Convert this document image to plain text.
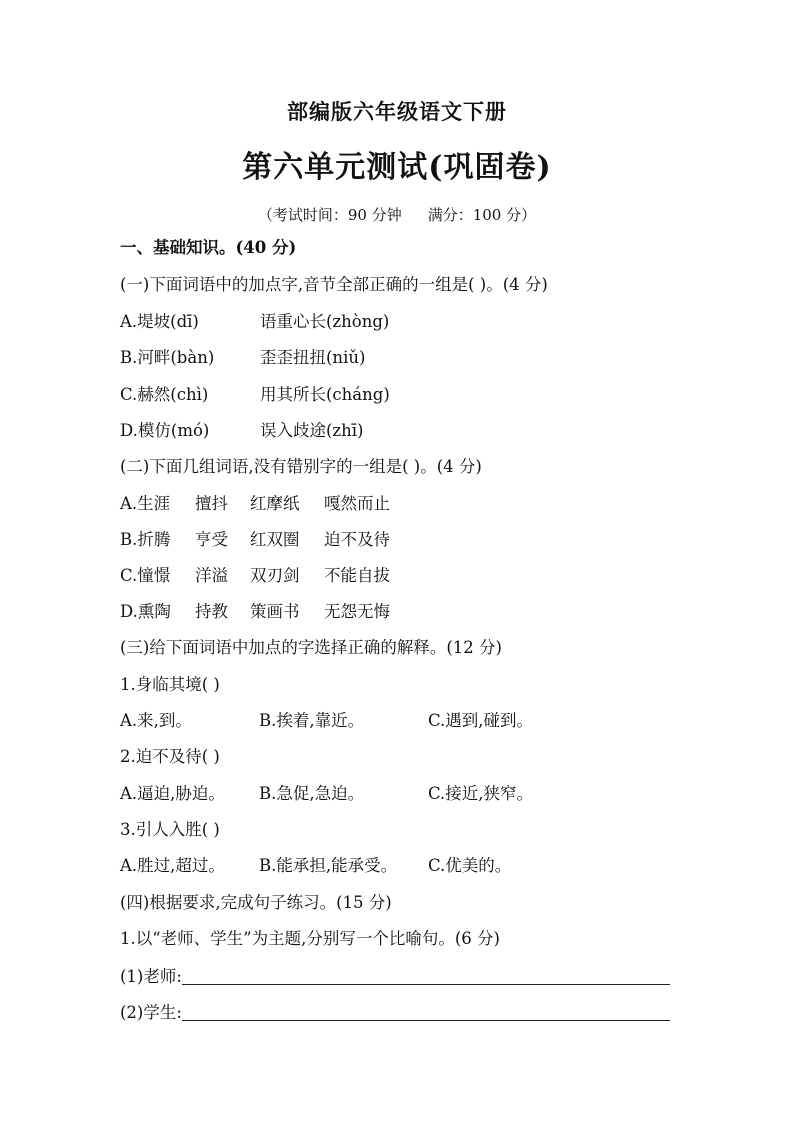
部编版六年级语文下册
第六单元测试(巩固卷)
（考试时间：90 分钟 满分：100 分）
一、基础知识。(40 分)
(一)下面词语中的加点字,音节全部正确的一组是( )。(4 分)
A.堤坡(dī)	语重心长(zhòng)
B.河畔(bàn)	歪歪扭扭(niǔ)
C.赫然(chì)	用其所长(cháng)
D.模仿(mó)	误入歧途(zhī)
(二)下面几组词语,没有错别字的一组是( )。(4 分)
A.生涯 擅抖 红摩纸 嘎然而止
B.折腾 亨受 红双圈 迫不及待
C.憧憬 洋溢 双刃剑 不能自拔
D.熏陶 持教 策画书 无怨无悔
(三)给下面词语中加点的字选择正确的解释。(12 分)
1.身临其境( )
A.来,到。	B.挨着,靠近。	C.遇到,碰到。
2.迫不及待( )
A.逼迫,胁迫。 B.急促,急迫。	C.接近,狭窄。
3.引人入胜( )
A.胜过,超过。 B.能承担,能承受。 C.优美的。
(四)根据要求,完成句子练习。(15 分)
1.以“老师、学生”为主题,分别写一个比喻句。(6 分)
(1)老师:
(2)学生:
